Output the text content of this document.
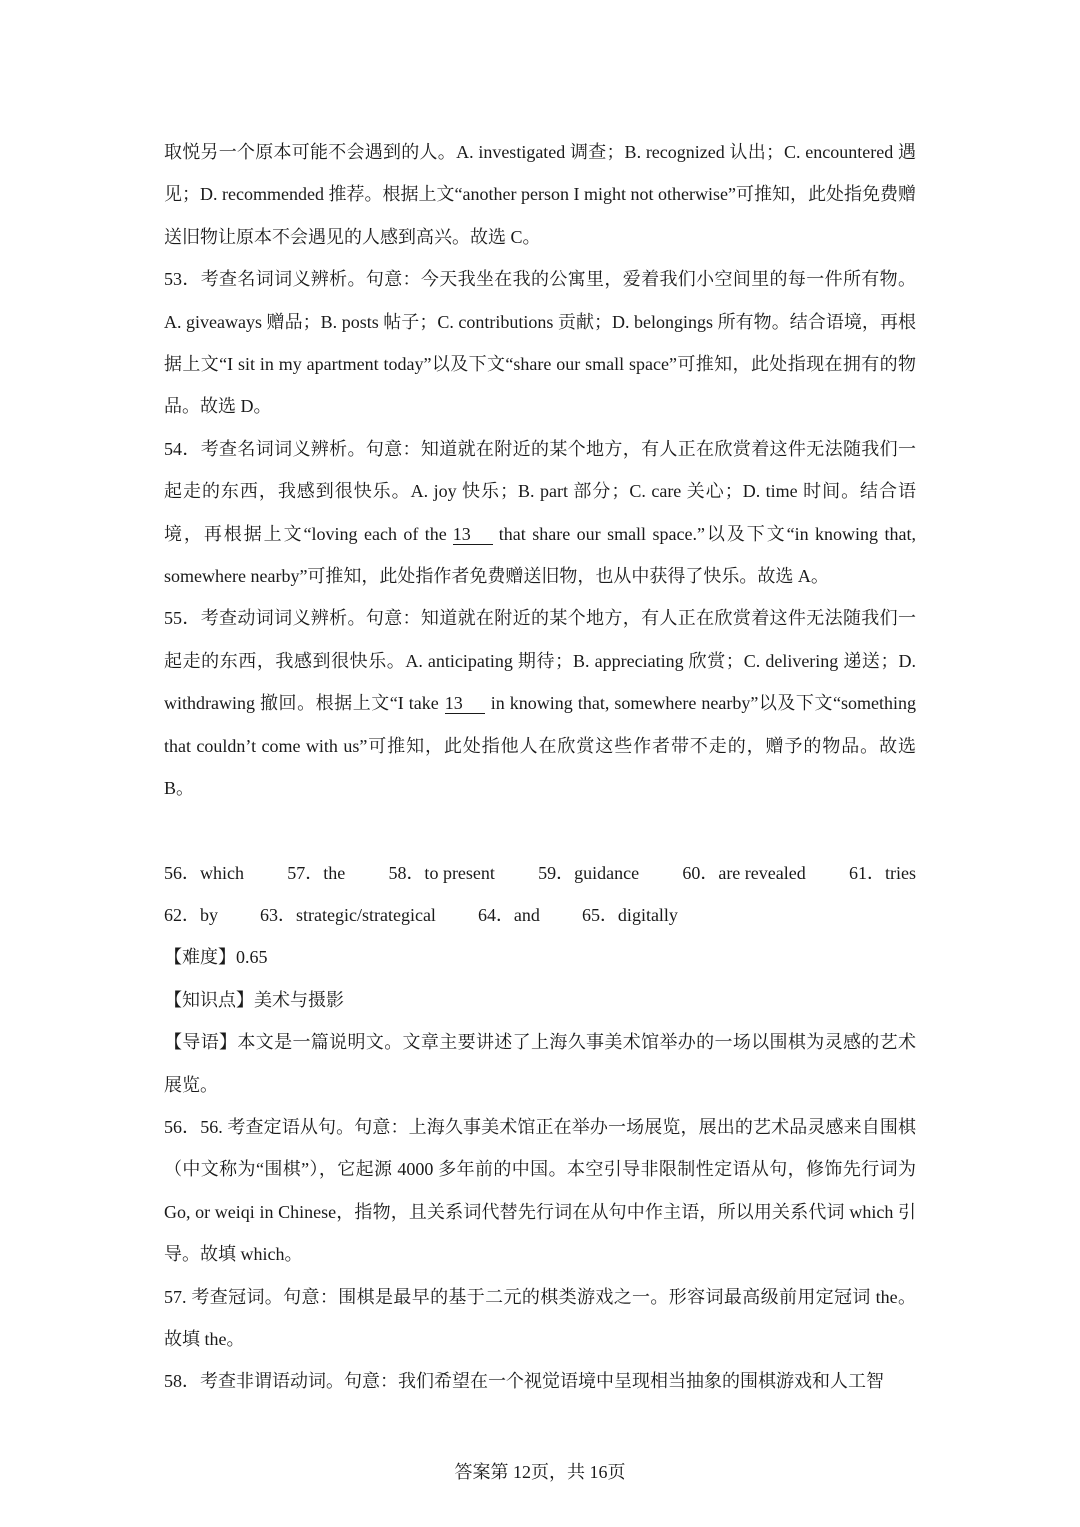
取悦另一个原本可能不会遇到的人。A. investigated 调查；B. recognized 认出；C. encountered 遇见；D. recommended 推荐。根据上文“another person I might not otherwise”可推知，此处指免费赠送旧物让原本不会遇见的人感到高兴。故选 C。

53．考查名词词义辨析。句意：今天我坐在我的公寓里，爱着我们小空间里的每一件所有物。A. giveaways 赠品；B. posts 帖子；C. contributions 贡献；D. belongings 所有物。结合语境，再根据上文“I sit in my apartment today”以及下文“share our small space”可推知，此处指现在拥有的物品。故选 D。

54．考查名词词义辨析。句意：知道就在附近的某个地方，有人正在欣赏着这件无法随我们一起走的东西，我感到很快乐。A. joy 快乐；B. part 部分；C. care 关心；D. time 时间。结合语境，再根据上文“loving each of the 13 that share our small space.”以及下文“in knowing that, somewhere nearby”可推知，此处指作者免费赠送旧物，也从中获得了快乐。故选 A。

55．考查动词词义辨析。句意：知道就在附近的某个地方，有人正在欣赏着这件无法随我们一起走的东西，我感到很快乐。A. anticipating 期待；B. appreciating 欣赏；C. delivering 递送；D. withdrawing 撤回。根据上文“I take 13 in knowing that, somewhere nearby”以及下文“something that couldn’t come with us”可推知，此处指他人在欣赏这些作者带不走的，赠予的物品。故选 B。

56．which 57．the 58．to present 59．guidance 60．are revealed 61．tries
62．by 63．strategic/strategical 64．and 65．digitally

【难度】0.65

【知识点】美术与摄影

【导语】本文是一篇说明文。文章主要讲述了上海久事美术馆举办的一场以围棋为灵感的艺术展览。

56．56. 考查定语从句。句意：上海久事美术馆正在举办一场展览，展出的艺术品灵感来自围棋（中文称为“围棋”），它起源 4000 多年前的中国。本空引导非限制性定语从句，修饰先行词为 Go, or weiqi in Chinese，指物，且关系词代替先行词在从句中作主语，所以用关系代词 which 引导。故填 which。

57. 考查冠词。句意：围棋是最早的基于二元的棋类游戏之一。形容词最高级前用定冠词 the。故填 the。

58．考查非谓语动词。句意：我们希望在一个视觉语境中呈现相当抽象的围棋游戏和人工智

答案第 12页，共 16页
